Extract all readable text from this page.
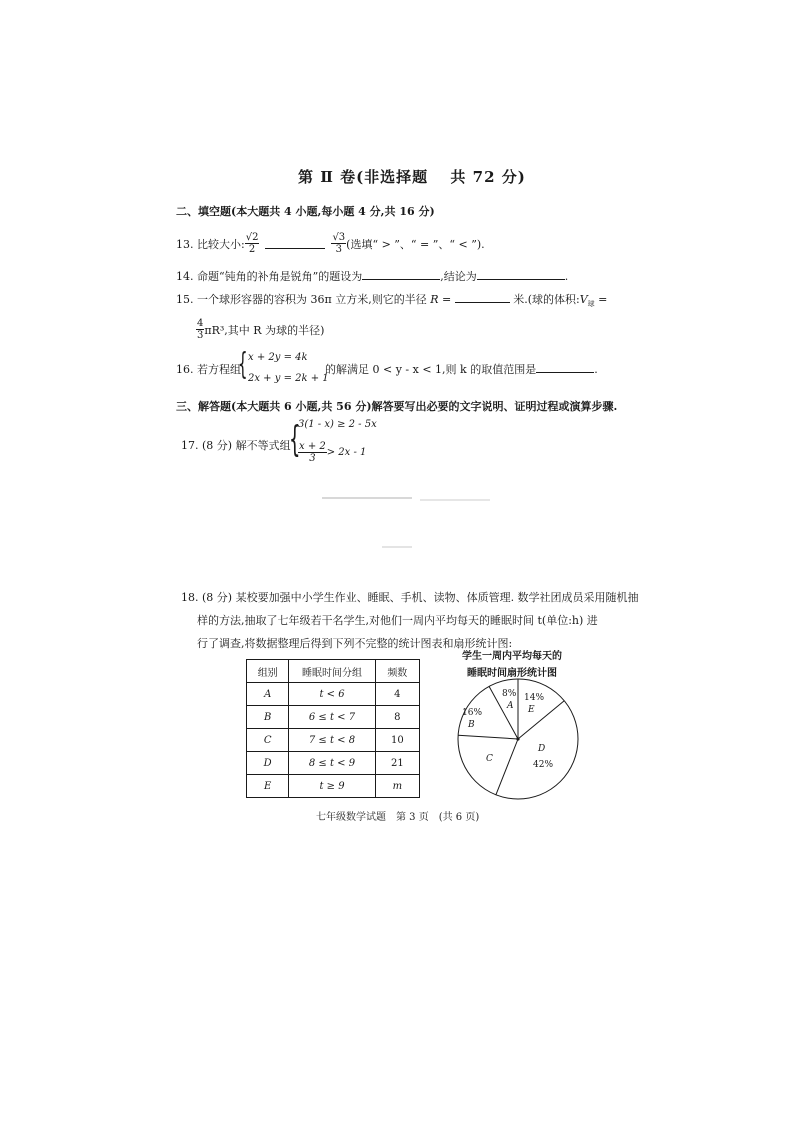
第 Ⅱ 卷(非选择题　 共 72 分)
二、填空题(本大题共 4 小题,每小题 4 分,共 16 分)
13. 比较大小: $\frac{√2}{2}$	$\frac{√3}{3}$ (选填“ > ”、“ = ”、“ < ”).
14. 命题“钝角的补角是锐角”的题设为	,结论为	.
15. 一个球形容器的容积为 36π 立方米,则它的半径 R =	米.(球的体积$:V_球$ =
$\frac{4}{3} \pi R^3$,其中 R 为球的半径)
16. 若方程组
{ x + 2y = 4k
2x + y = 2k + 1
的解满足 0 < y - x < 1,则 k 的取值范围是	.
三、解答题(本大题共 6 小题,共 56 分)解答要写出必要的文字说明、证明过程或演算步骤.
17. (8 分) 解不等式组
{
3(1 - x) ≥ 2 - 5x
$\frac{x + 2}{3} > 2x - 1$
18. (8 分) 某校要加强中小学生作业、睡眠、手机、读物、体质管理. 数学社团成员采用随机抽
样的方法,抽取了七年级若干名学生,对他们一周内平均每天的睡眠时间 t(单位:h) 进
行了调查,将数据整理后得到下列不完整的统计图表和扇形统计图:
组别	睡眠时间分组	频数
A	t < 6	4
B	6 ≤ t < 7	8
C	7 ≤ t < 8	10
D	8 ≤ t < 9	21
E	t ≥ 9	m
学生一周内平均每天的
睡眠时间扇形统计图
8%
A
14%
E
16%
B
C
D
42%
七年级数学试题　第 3 页　(共 6 页)
